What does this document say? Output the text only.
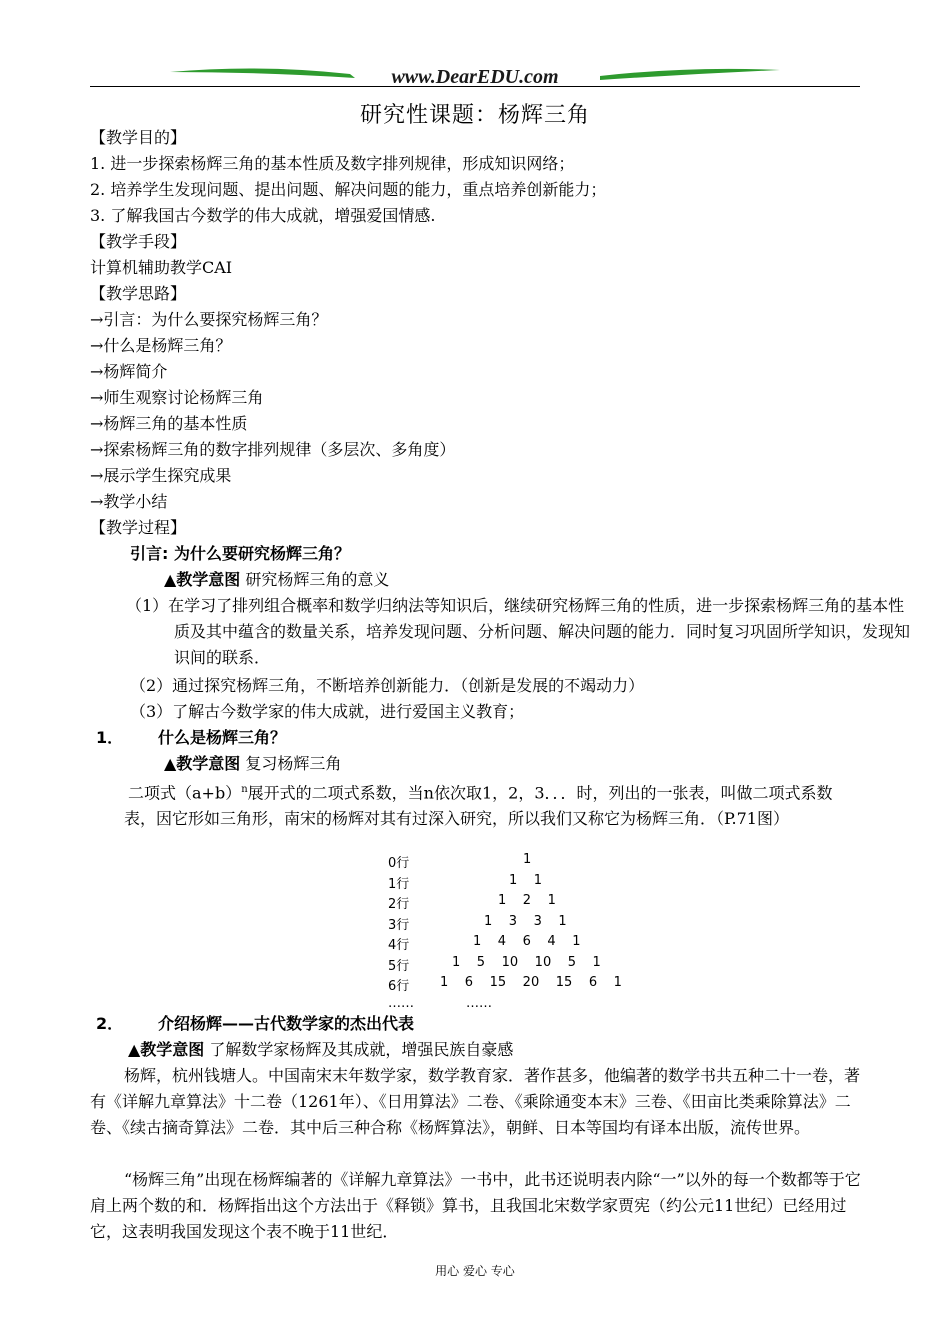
www.DearEDU.com
研究性课题：杨辉三角
【教学目的】
1. 进一步探索杨辉三角的基本性质及数字排列规律，形成知识网络；
2. 培养学生发现问题、提出问题、解决问题的能力，重点培养创新能力；
3. 了解我国古今数学的伟大成就，增强爱国情感.
【教学手段】
计算机辅助教学CAI
【教学思路】
→引言：为什么要探究杨辉三角？
→什么是杨辉三角？
→杨辉简介
→师生观察讨论杨辉三角
→杨辉三角的基本性质
→探索杨辉三角的数字排列规律（多层次、多角度）
→展示学生探究成果
→教学小结
【教学过程】
引言: 为什么要研究杨辉三角？
▲教学意图 研究杨辉三角的意义
（1）在学习了排列组合概率和数学归纳法等知识后，继续研究杨辉三角的性质，进一步探索杨辉三角的基本性质及其中蕴含的数量关系，培养发现问题、分析问题、解决问题的能力．同时复习巩固所学知识，发现知识间的联系．
（2）通过探究杨辉三角，不断培养创新能力．（创新是发展的不竭动力）
（3）了解古今数学家的伟大成就，进行爱国主义教育；
1． 什么是杨辉三角？
▲教学意图 复习杨辉三角
二项式$(a+b)^n$展开式的二项式系数，当n依次取1，2，3．．．时，列出的一张表，叫做二项式系数表，因它形如三角形，南宋的杨辉对其有过深入研究，所以我们又称它为杨辉三角．（P.71图）
0行	1
1行	1    1
2行	1    2    1
3行	1    3    3    1
4行	1    4    6    4    1
5行	1    5    10    10    5    1
6行 1    6    15    20    15    6    1
……	……
2． 介绍杨辉——古代数学家的杰出代表
▲教学意图 了解数学家杨辉及其成就，增强民族自豪感
杨辉，杭州钱塘人。中国南宋末年数学家，数学教育家．著作甚多，他编著的数学书共五种二十一卷，著有《详解九章算法》十二卷（1261年）、《日用算法》二卷、《乘除通变本末》三卷、《田亩比类乘除算法》二卷、《续古摘奇算法》二卷．其中后三种合称《杨辉算法》，朝鲜、日本等国均有译本出版，流传世界。
“杨辉三角”出现在杨辉编著的《详解九章算法》一书中，此书还说明表内除“一”以外的每一个数都等于它肩上两个数的和．杨辉指出这个方法出于《释锁》算书，且我国北宋数学家贾宪（约公元11世纪）已经用过它，这表明我国发现这个表不晚于11世纪．
用心 爱心 专心
